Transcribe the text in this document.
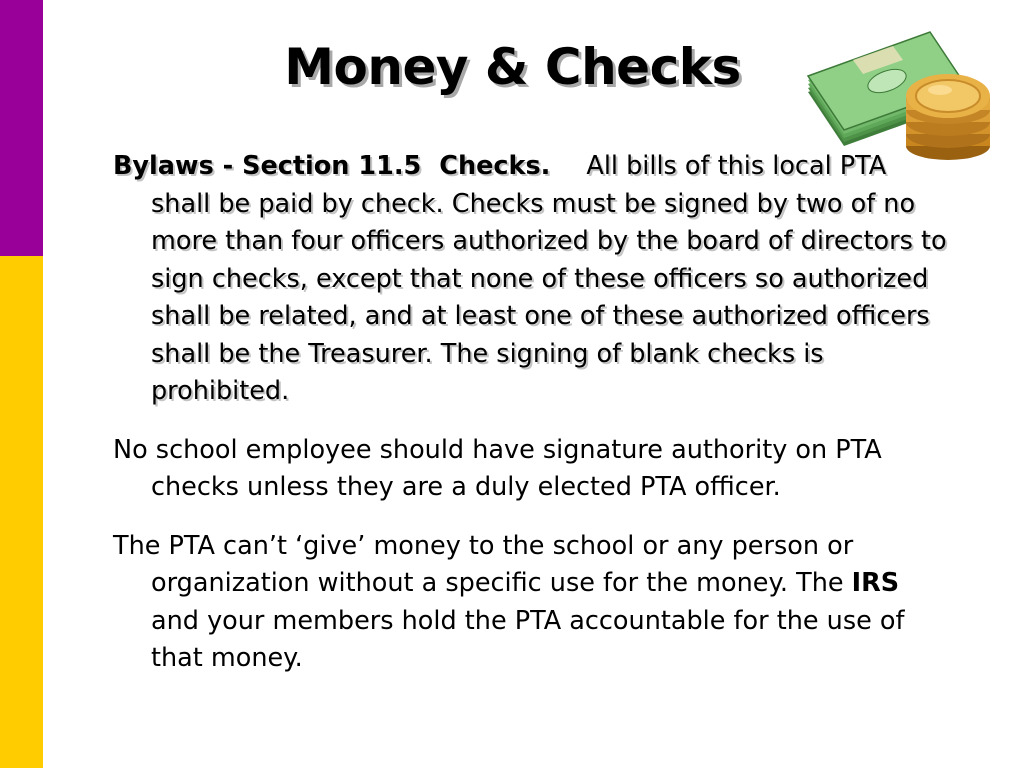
Money & Checks

Bylaws - Section 11.5 Checks. All bills of this local PTA shall be paid by check. Checks must be signed by two of no more than four officers authorized by the board of directors to sign checks, except that none of these officers so authorized shall be related, and at least one of these authorized officers shall be the Treasurer. The signing of blank checks is prohibited.

No school employee should have signature authority on PTA checks unless they are a duly elected PTA officer.

The PTA can’t ‘give’ money to the school or any person or organization without a specific use for the money. The IRS and your members hold the PTA accountable for the use of that money.
